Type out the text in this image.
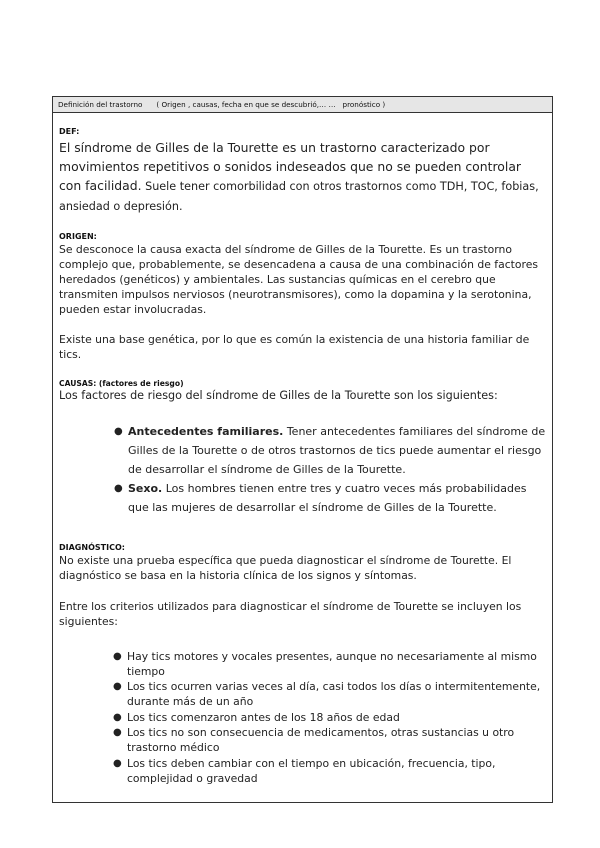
Definición del trastorno ( Origen , causas, fecha en que se descubrió,… …   pronóstico )
DEF:

El síndrome de Gilles de la Tourette es un trastorno caracterizado por movimientos repetitivos o sonidos indeseados que no se pueden controlar con facilidad. Suele tener comorbilidad con otros trastornos como TDH, TOC, fobias, ansiedad o depresión.

ORIGEN:

Se desconoce la causa exacta del síndrome de Gilles de la Tourette. Es un trastorno complejo que, probablemente, se desencadena a causa de una combinación de factores heredados (genéticos) y ambientales. Las sustancias químicas en el cerebro que transmiten impulsos nerviosos (neurotransmisores), como la dopamina y la serotonina, pueden estar involucradas.

Existe una base genética, por lo que es común la existencia de una historia familiar de tics.

CAUSAS: (factores de riesgo)

Los factores de riesgo del síndrome de Gilles de la Tourette son los siguientes:

● Antecedentes familiares. Tener antecedentes familiares del síndrome de Gilles de la Tourette o de otros trastornos de tics puede aumentar el riesgo de desarrollar el síndrome de Gilles de la Tourette.
● Sexo. Los hombres tienen entre tres y cuatro veces más probabilidades que las mujeres de desarrollar el síndrome de Gilles de la Tourette.
DIAGNÓSTICO:

No existe una prueba específica que pueda diagnosticar el síndrome de Tourette. El diagnóstico se basa en la historia clínica de los signos y síntomas.

Entre los criterios utilizados para diagnosticar el síndrome de Tourette se incluyen los siguientes:

● Hay tics motores y vocales presentes, aunque no necesariamente al mismo tiempo
● Los tics ocurren varias veces al día, casi todos los días o intermitentemente, durante más de un año
● Los tics comenzaron antes de los 18 años de edad
● Los tics no son consecuencia de medicamentos, otras sustancias u otro trastorno médico
● Los tics deben cambiar con el tiempo en ubicación, frecuencia, tipo, complejidad o gravedad
